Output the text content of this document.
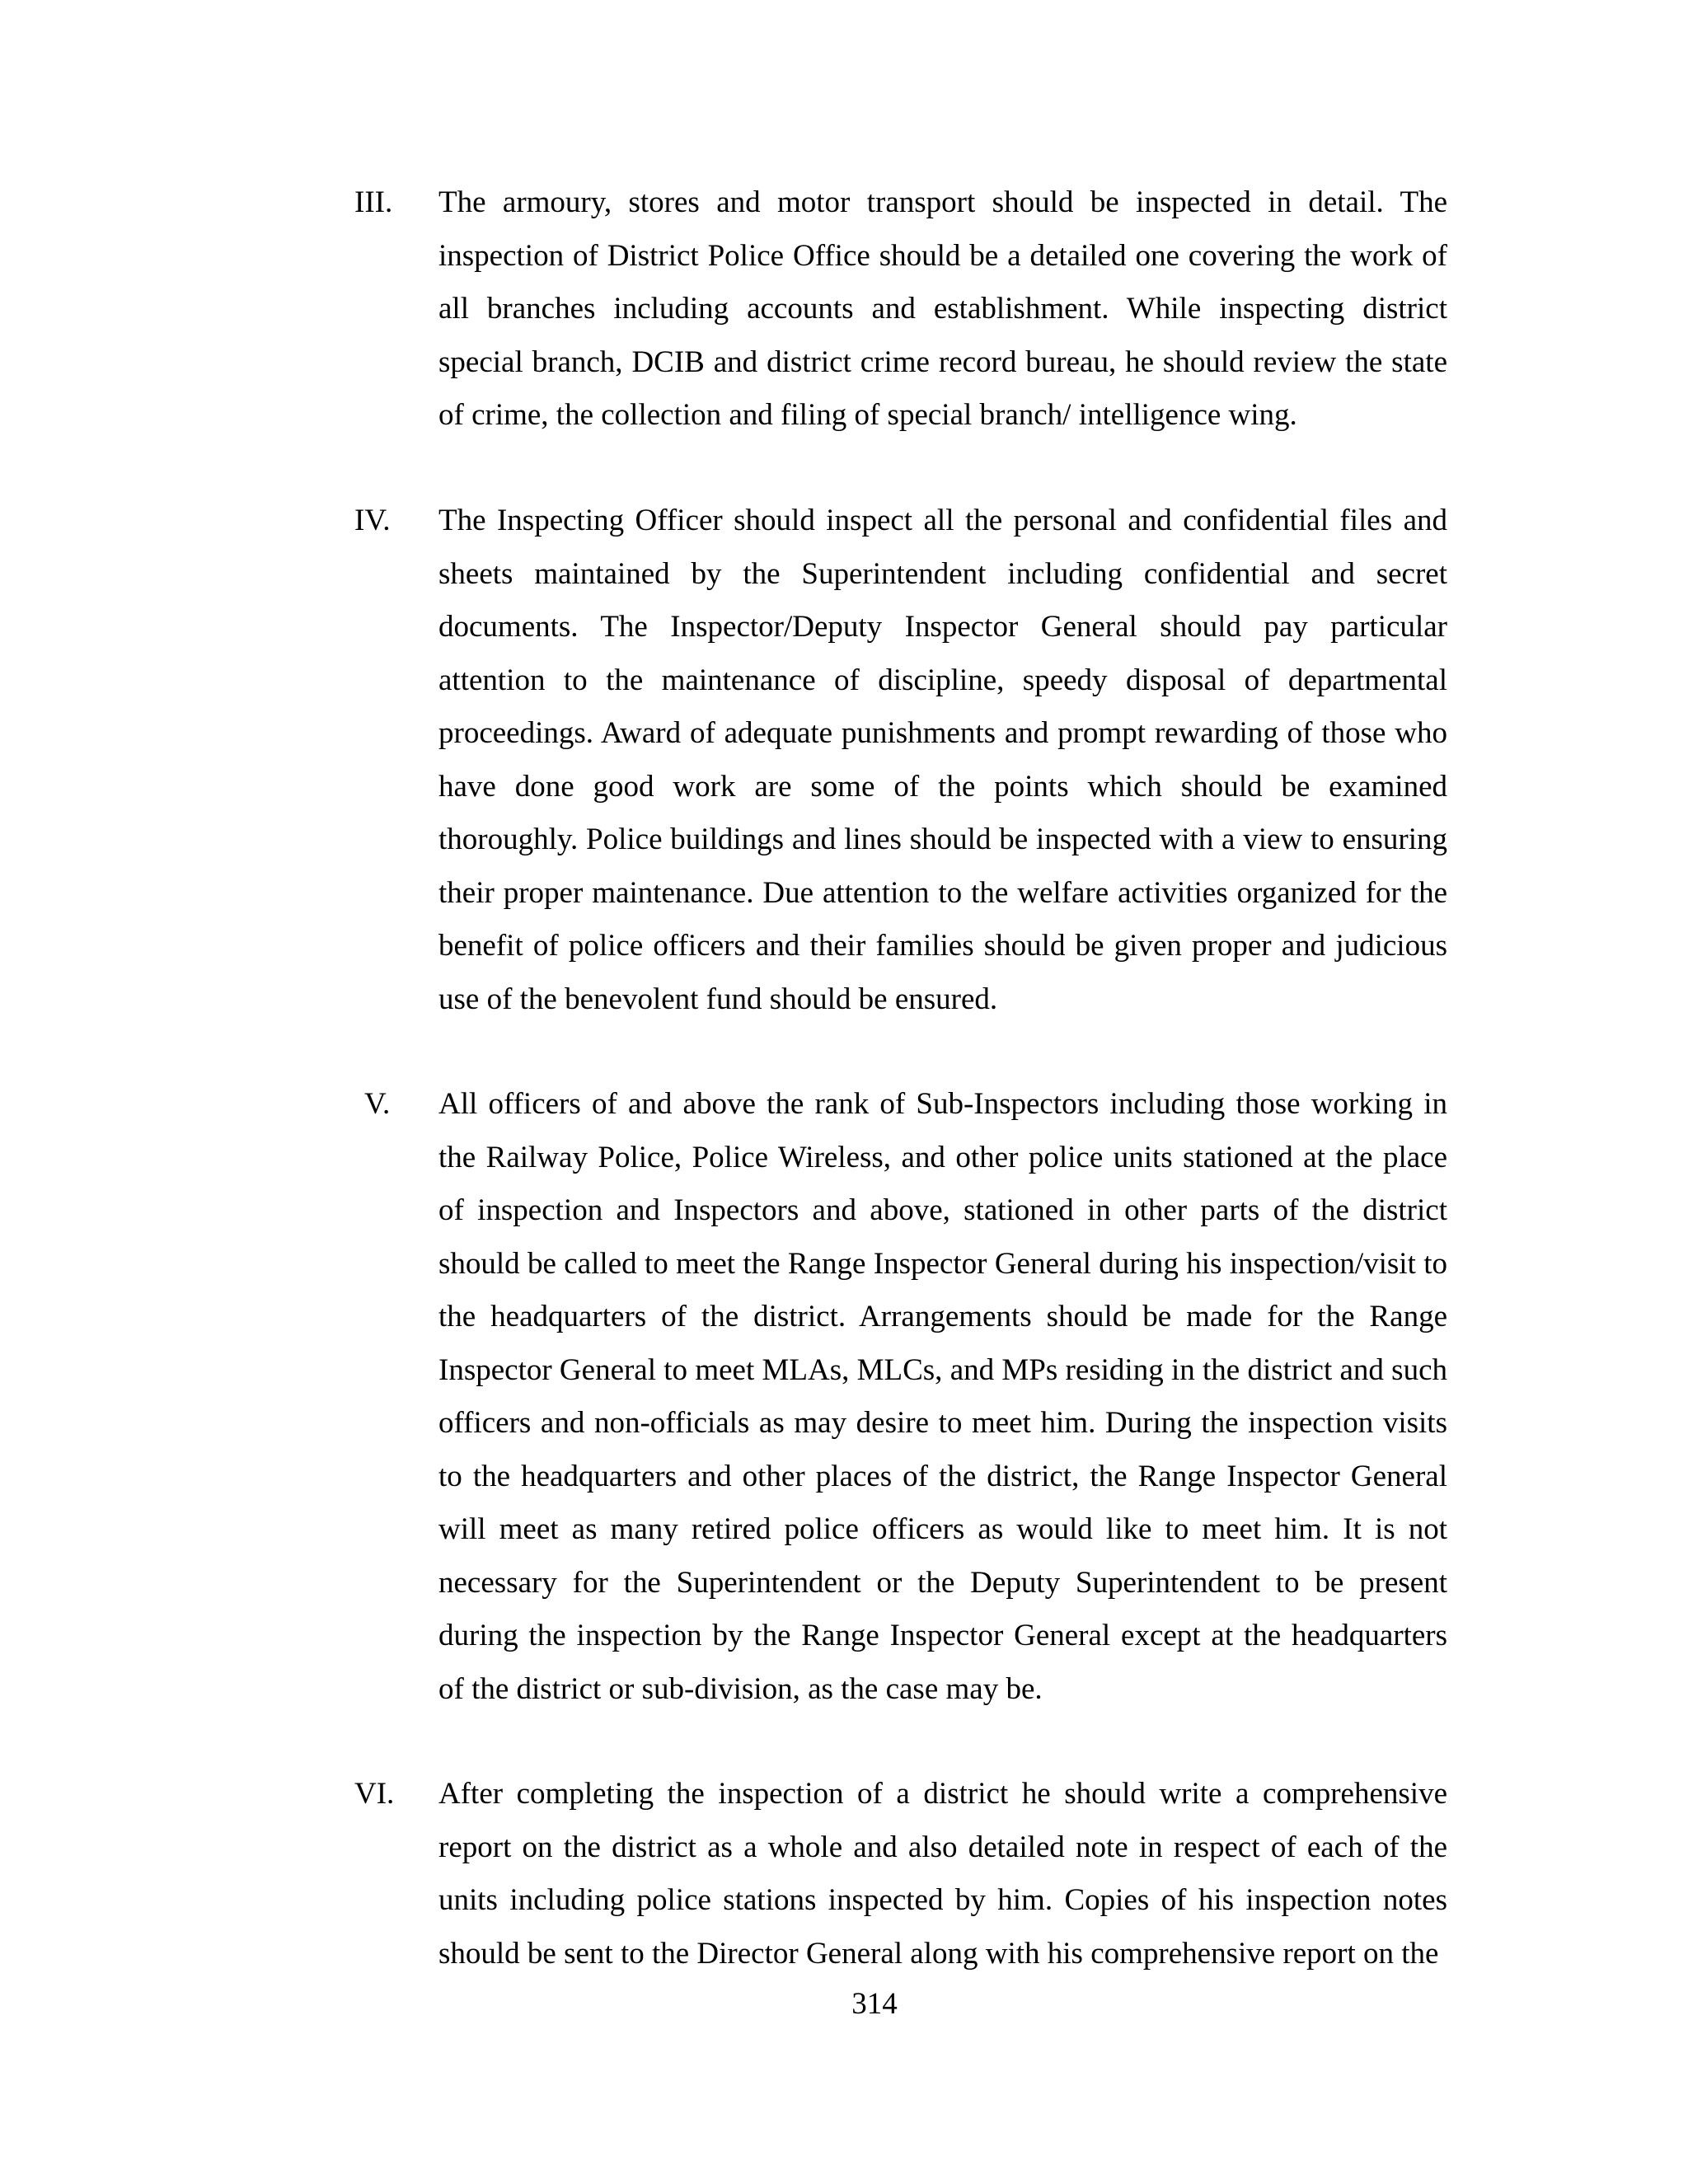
III. The armoury, stores and motor transport should be inspected in detail. The inspection of District Police Office should be a detailed one covering the work of all branches including accounts and establishment. While inspecting district special branch, DCIB and district crime record bureau, he should review the state of crime, the collection and filing of special branch/ intelligence wing.

IV. The Inspecting Officer should inspect all the personal and confidential files and sheets maintained by the Superintendent including confidential and secret documents. The Inspector/Deputy Inspector General should pay particular attention to the maintenance of discipline, speedy disposal of departmental proceedings. Award of adequate punishments and prompt rewarding of those who have done good work are some of the points which should be examined thoroughly. Police buildings and lines should be inspected with a view to ensuring their proper maintenance. Due attention to the welfare activities organized for the benefit of police officers and their families should be given proper and judicious use of the benevolent fund should be ensured.

V. All officers of and above the rank of Sub-Inspectors including those working in the Railway Police, Police Wireless, and other police units stationed at the place of inspection and Inspectors and above, stationed in other parts of the district should be called to meet the Range Inspector General during his inspection/visit to the headquarters of the district. Arrangements should be made for the Range Inspector General to meet MLAs, MLCs, and MPs residing in the district and such officers and non-officials as may desire to meet him. During the inspection visits to the headquarters and other places of the district, the Range Inspector General will meet as many retired police officers as would like to meet him. It is not necessary for the Superintendent or the Deputy Superintendent to be present during the inspection by the Range Inspector General except at the headquarters of the district or sub-division, as the case may be.

VI. After completing the inspection of a district he should write a comprehensive report on the district as a whole and also detailed note in respect of each of the units including police stations inspected by him. Copies of his inspection notes should be sent to the Director General along with his comprehensive report on the

314
